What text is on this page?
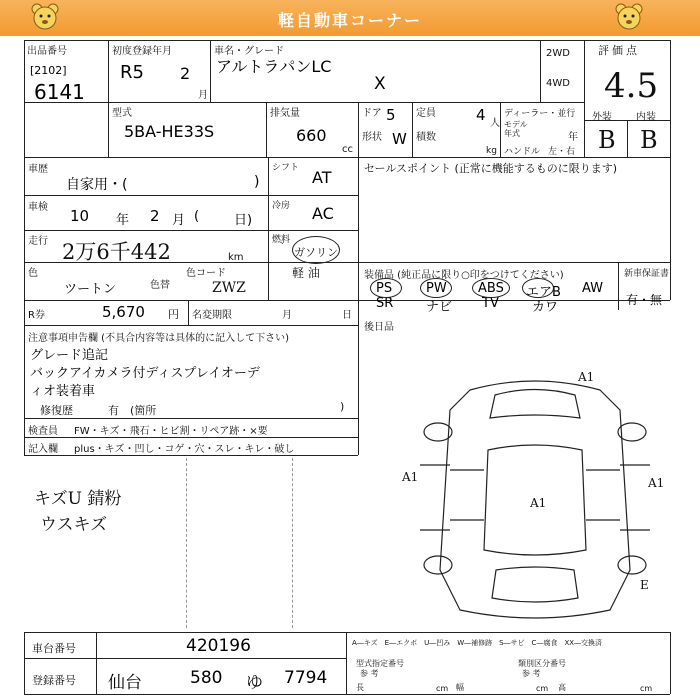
軽自動車コーナー
出品番号
[2102]
6141
初度登録年月
R5 2
月
車名・グレード
アルトラパンLC
X
2WD
4WD
評価点
4.5
外装 内装
B B
型式
5BA-HE33S
排気量
660
cc
ドア 5
形状 W
定員	4 人
積数
kg
ディーラー・並行
モデル年式	年
ハンドル 左・右
車歴
自家用・(	)
シフト AT
車検 10 年 2 月 (	日)
冷房 AC
走行 2万6千442	km
燃料
` ガソリン
軽 油
色
ツートン	色替
色コード
ZWZ
R券	5,670 円 名変期限	月	日
セールスポイント (正常に機能するものに限ります)
装備品 (純正品に限り○印をつけてください)	新車保証書
有・無
PS	PW ABS エアB AW
SR	ナビ TV	カワ
後日品
注意事項申告欄 (不具合内容等は具体的に記入して下さい)
グレード追記
バックアイカメラ付ディスプレイオーデ
ィオ装着車
修復歴	有 (箇所	)
検査員
記入欄
FW・キズ・飛石・ヒビ割・リペア跡・×要
plus・キズ・凹し・コゲ・穴・スレ・キレ・破し
キズU 錆粉
ウスキズ
A1
A1	A1
A1
E
車台番号	420196
登録番号 仙台	580 ゆ 7794
A―キズ　E―エクボ　U―凹み　W―補修跡　S―サビ　C―腐食　XX―交換済
型式指定番号	類別区分番号
参 考	参 考
長	幅	高
cm	cm	cm
